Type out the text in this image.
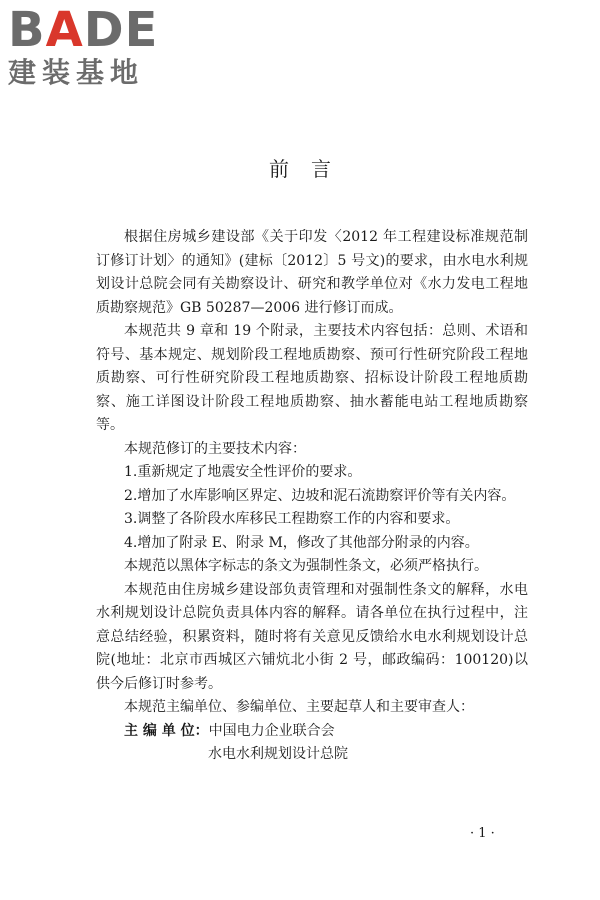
BADE
建装基地
前言

根据住房城乡建设部《关于印发〈2012 年工程建设标准规范制订修订计划〉的通知》(建标〔2012〕5 号文)的要求，由水电水利规划设计总院会同有关勘察设计、研究和教学单位对《水力发电工程地质勘察规范》GB 50287—2006 进行修订而成。

本规范共 9 章和 19 个附录，主要技术内容包括：总则、术语和符号、基本规定、规划阶段工程地质勘察、预可行性研究阶段工程地质勘察、可行性研究阶段工程地质勘察、招标设计阶段工程地质勘察、施工详图设计阶段工程地质勘察、抽水蓄能电站工程地质勘察等。

本规范修订的主要技术内容：

1.重新规定了地震安全性评价的要求。

2.增加了水库影响区界定、边坡和泥石流勘察评价等有关内容。

3.调整了各阶段水库移民工程勘察工作的内容和要求。

4.增加了附录 E、附录 M，修改了其他部分附录的内容。

本规范以黑体字标志的条文为强制性条文，必须严格执行。

本规范由住房城乡建设部负责管理和对强制性条文的解释，水电水利规划设计总院负责具体内容的解释。请各单位在执行过程中，注意总结经验，积累资料，随时将有关意见反馈给水电水利规划设计总院(地址：北京市西城区六铺炕北小街 2 号，邮政编码：100120)以供今后修订时参考。

本规范主编单位、参编单位、主要起草人和主要审查人：

主 编 单 位：中国电力企业联合会

水电水利规划设计总院

· 1 ·
